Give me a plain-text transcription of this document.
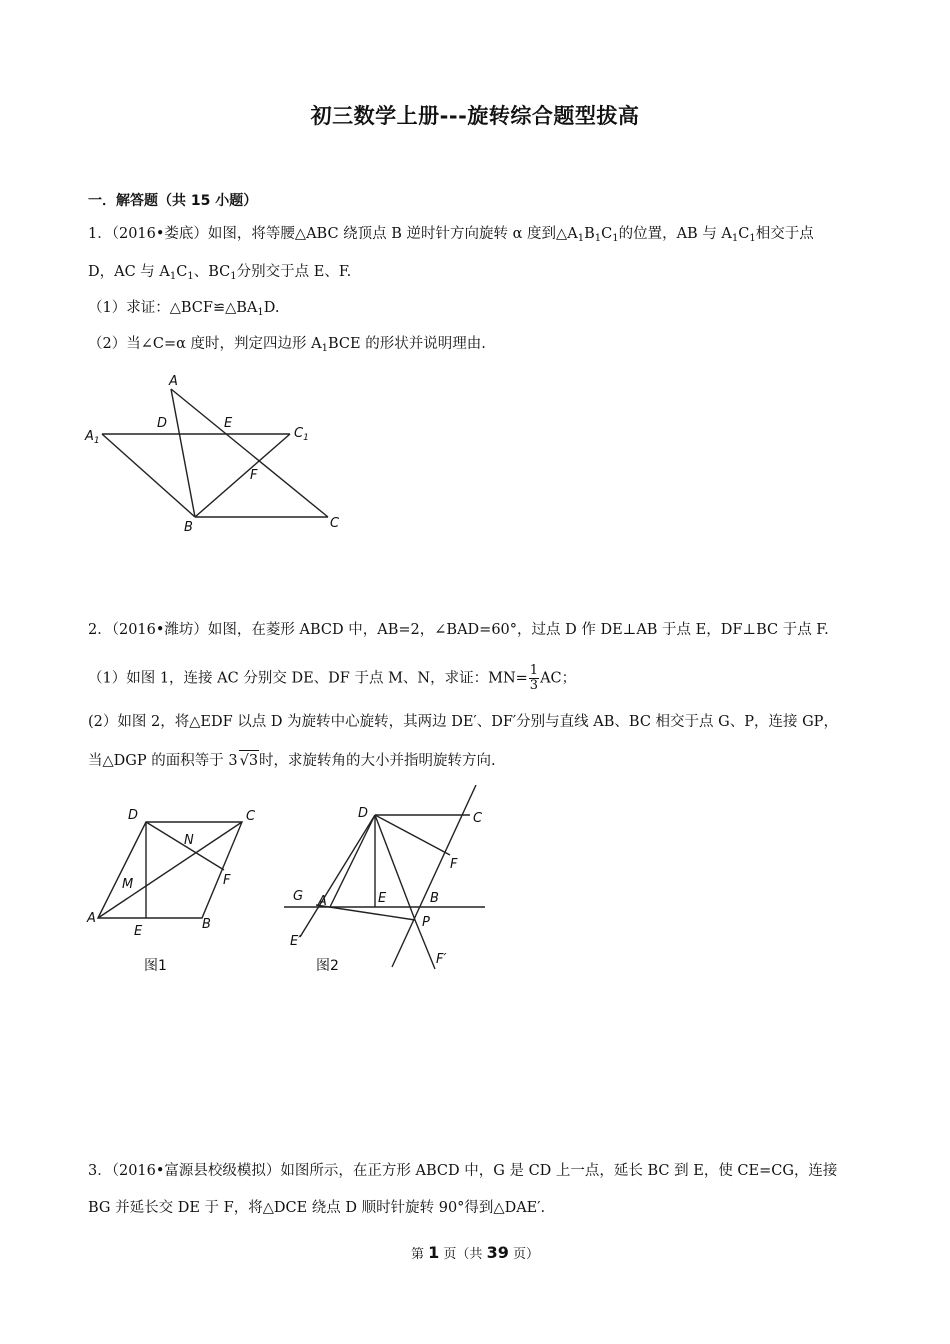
初三数学上册---旋转综合题型拔高
一．解答题（共 15 小题）
1．（2016•娄底）如图，将等腰△ABC 绕顶点 B 逆时针方向旋转 α 度到$\triangle A_1B_1C_1$的位置，AB 与 $A_1C_1$相交于点
D，AC 与 $A_1C_1$、$BC_1$分别交于点 E、F.
（1）求证：$\triangle BCF≌\triangle BA_1D$.
（2）当∠C=α 度时，判定四边形 $A_1BCE$ 的形状并说明理由.
A
D	E
$A_1$	$C_1$
F
B	C
2．（2016•潍坊）如图，在菱形 ABCD 中，AB=2，∠BAD=60°，过点 D 作 DE⊥AB 于点 E，DF⊥BC 于点 F.
（1）如图 1，连接 AC 分别交 DE、DF 于点 M、N，求证：$MN= \frac{1}{3}$ AC；
(2）如图 2，将△EDF 以点 D 为旋转中心旋转，其两边 DE′、DF′分别与直线 AB、BC 相交于点 G、P，连接 GP，
当△DGP 的面积等于 3 √3时，求旋转角的大小并指明旋转方向.
D	C
N
M	F
A
E	B
图1
D	C
F
G A	E	B
P
E′
F′
图2
3．（2016•富源县校级模拟）如图所示，在正方形 ABCD 中，G 是 CD 上一点，延长 BC 到 E，使 CE=CG，连接
BG 并延长交 DE 于 F，将△DCE 绕点 D 顺时针旋转 90°得到△DAE′.
第 1 页（共 39 页）
